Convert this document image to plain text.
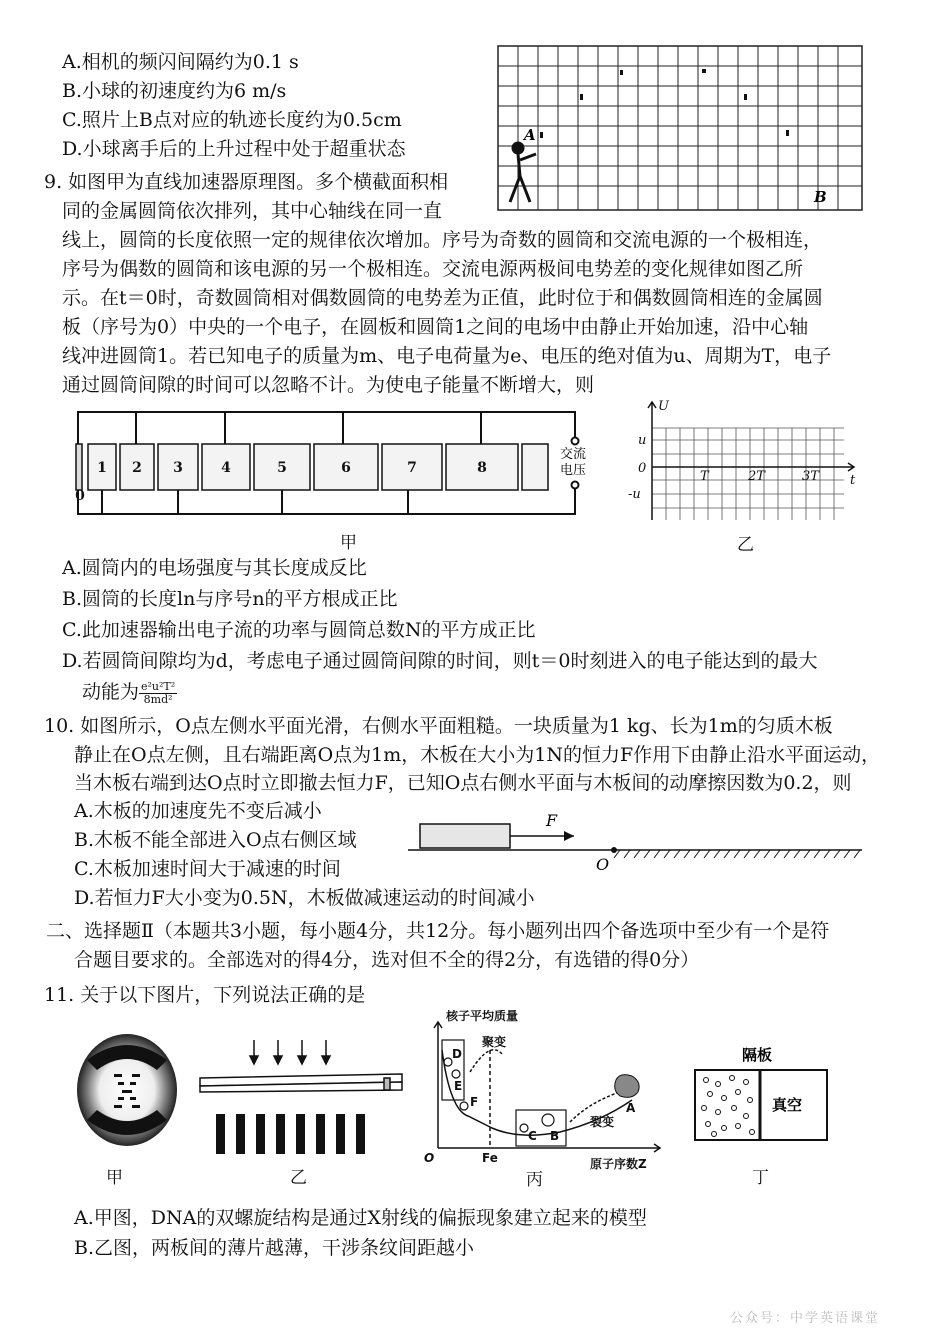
A.相机的频闪间隔约为0.1 s
B.小球的初速度约为6 m/s
C.照片上B点对应的轨迹长度约为0.5cm
D.小球离手后的上升过程中处于超重状态
A
B
9. 如图甲为直线加速器原理图。多个横截面积相
同的金属圆筒依次排列，其中心轴线在同一直
线上，圆筒的长度依照一定的规律依次增加。序号为奇数的圆筒和交流电源的一个极相连，
序号为偶数的圆筒和该电源的另一个极相连。交流电源两极间电势差的变化规律如图乙所
示。在t＝0时，奇数圆筒相对偶数圆筒的电势差为正值，此时位于和偶数圆筒相连的金属圆
板（序号为0）中央的一个电子，在圆板和圆筒1之间的电场中由静止开始加速，沿中心轴
线冲进圆筒1。若已知电子的质量为m、电子电荷量为e、电压的绝对值为u、周期为T，电子
通过圆筒间隙的时间可以忽略不计。为使电子能量不断增大，则
1 2 3	4	5	6	7	8
0
交流
电压
甲
U
t
u
0
-u
T	2T	3T
乙
A.圆筒内的电场强度与其长度成反比
B.圆筒的长度ln与序号n的平方根成正比
C.此加速器输出电子流的功率与圆筒总数N的平方成正比
D.若圆筒间隙均为d，考虑电子通过圆筒间隙的时间，则t＝0时刻进入的电子能达到的最大
动能为 $\frac{\text{e²u²T²}}{\text{8md²}}$
10. 如图所示，O点左侧水平面光滑，右侧水平面粗糙。一块质量为1 kg、长为1m的匀质木板
静止在O点左侧，且右端距离O点为1m，木板在大小为1N的恒力F作用下由静止沿水平面运动，
当木板右端到达O点时立即撤去恒力F，已知O点右侧水平面与木板间的动摩擦因数为0.2，则
A.木板的加速度先不变后减小
B.木板不能全部进入O点右侧区域
C.木板加速时间大于减速的时间
D.若恒力F大小变为0.5N，木板做减速运动的时间减小
F
O
二、选择题Ⅱ（本题共3小题，每小题4分，共12分。每小题列出四个备选项中至少有一个是符
合题目要求的。全部选对的得4分，选对但不全的得2分，有选错的得0分）
11. 关于以下图片，下列说法正确的是
甲	乙
核子平均质量
原子序数Z
O	Fe
聚变
裂变
D
E
F
C B
A
丙
隔板
真空
丁
A.甲图，DNA的双螺旋结构是通过X射线的偏振现象建立起来的模型
B.乙图，两板间的薄片越薄，干涉条纹间距越小
公众号：中学英语课堂
